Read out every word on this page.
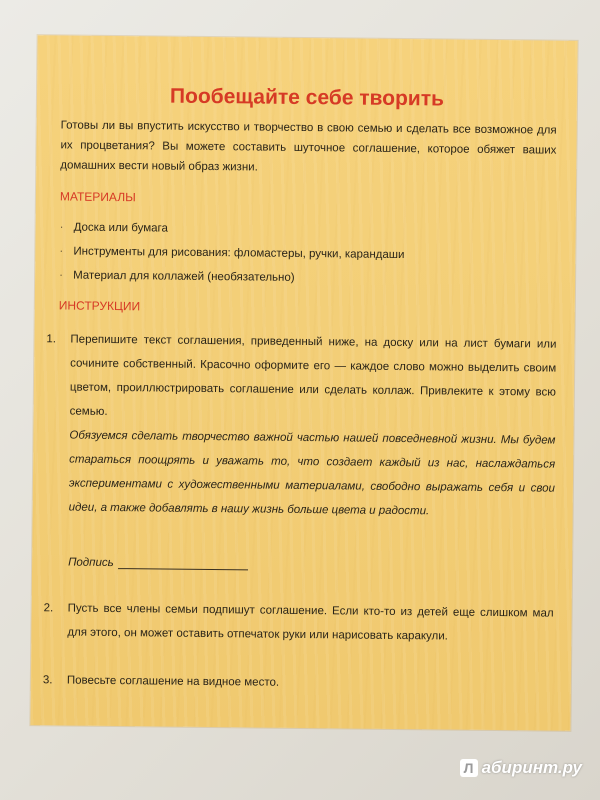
Пообещайте себе творить
Готовы ли вы впустить искусство и творчество в свою семью и сделать все возможное для их процветания? Вы можете составить шуточное соглашение, которое обяжет ваших домашних вести новый образ жизни.
МАТЕРИАЛЫ
· Доска или бумага
· Инструменты для рисования: фломастеры, ручки, карандаши
· Материал для коллажей (необязательно)
ИНСТРУКЦИИ
1. Перепишите текст соглашения, приведенный ниже, на доску или на лист бумаги или сочините собственный. Красочно оформите его — каждое слово можно выделить своим цветом, проиллюстрировать соглашение или сделать коллаж. Привлеките к этому всю семью.
Обязуемся сделать творчество важной частью нашей повседневной жизни. Мы будем стараться поощрять и уважать то, что создает каждый из нас, наслаждаться экспериментами с художественными материалами, свободно выражать себя и свои идеи, а также добавлять в нашу жизнь больше цвета и радости.
Подпись
2. Пусть все члены семьи подпишут соглашение. Если кто-то из детей еще слишком мал для этого, он может оставить отпечаток руки или нарисовать каракули.
3. Повесьте соглашение на видное место.
Л абиринт.ру
